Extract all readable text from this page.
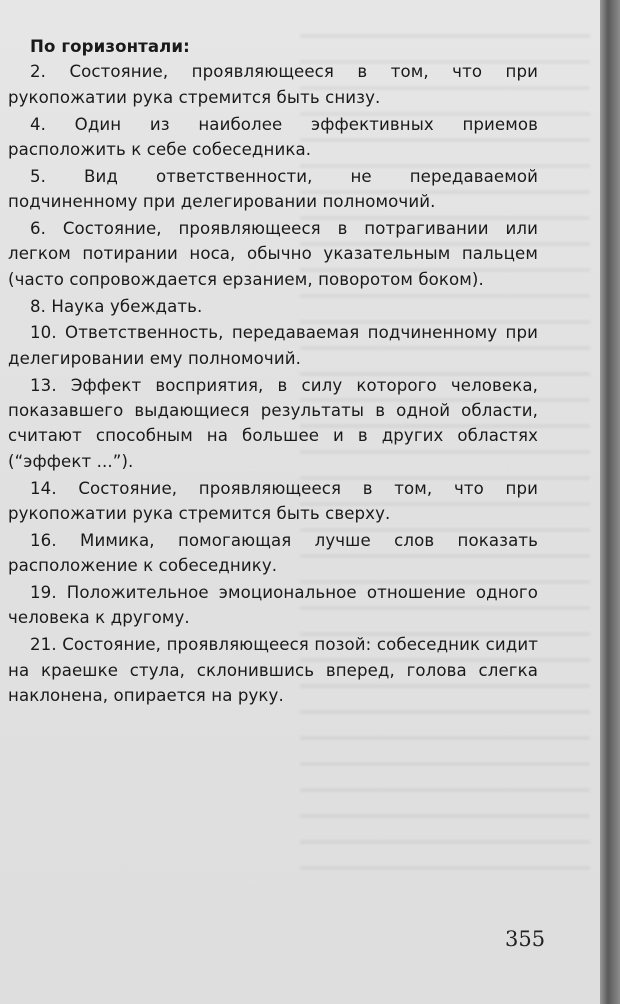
По горизонтали:

2. Состояние, проявляющееся в том, что при рукопожатии рука стремится быть снизу.

4. Один из наиболее эффективных приемов расположить к себе собеседника.

5. Вид ответственности, не передаваемой подчиненному при делегировании полномочий.

6. Состояние, проявляющееся в потрагивании или легком потирании носа, обычно указательным пальцем (часто сопровождается ерзанием, поворотом боком).

8. Наука убеждать.

10. Ответственность, передаваемая подчиненному при делегировании ему полномочий.

13. Эффект восприятия, в силу которого человека, показавшего выдающиеся результаты в одной области, считают способным на большее и в других областях (“эффект ...”).

14. Состояние, проявляющееся в том, что при рукопожатии рука стремится быть сверху.

16. Мимика, помогающая лучше слов показать расположение к собеседнику.

19. Положительное эмоциональное отношение одного человека к другому.

21. Состояние, проявляющееся позой: собеседник сидит на краешке стула, склонившись вперед, голова слегка наклонена, опирается на руку.

355
